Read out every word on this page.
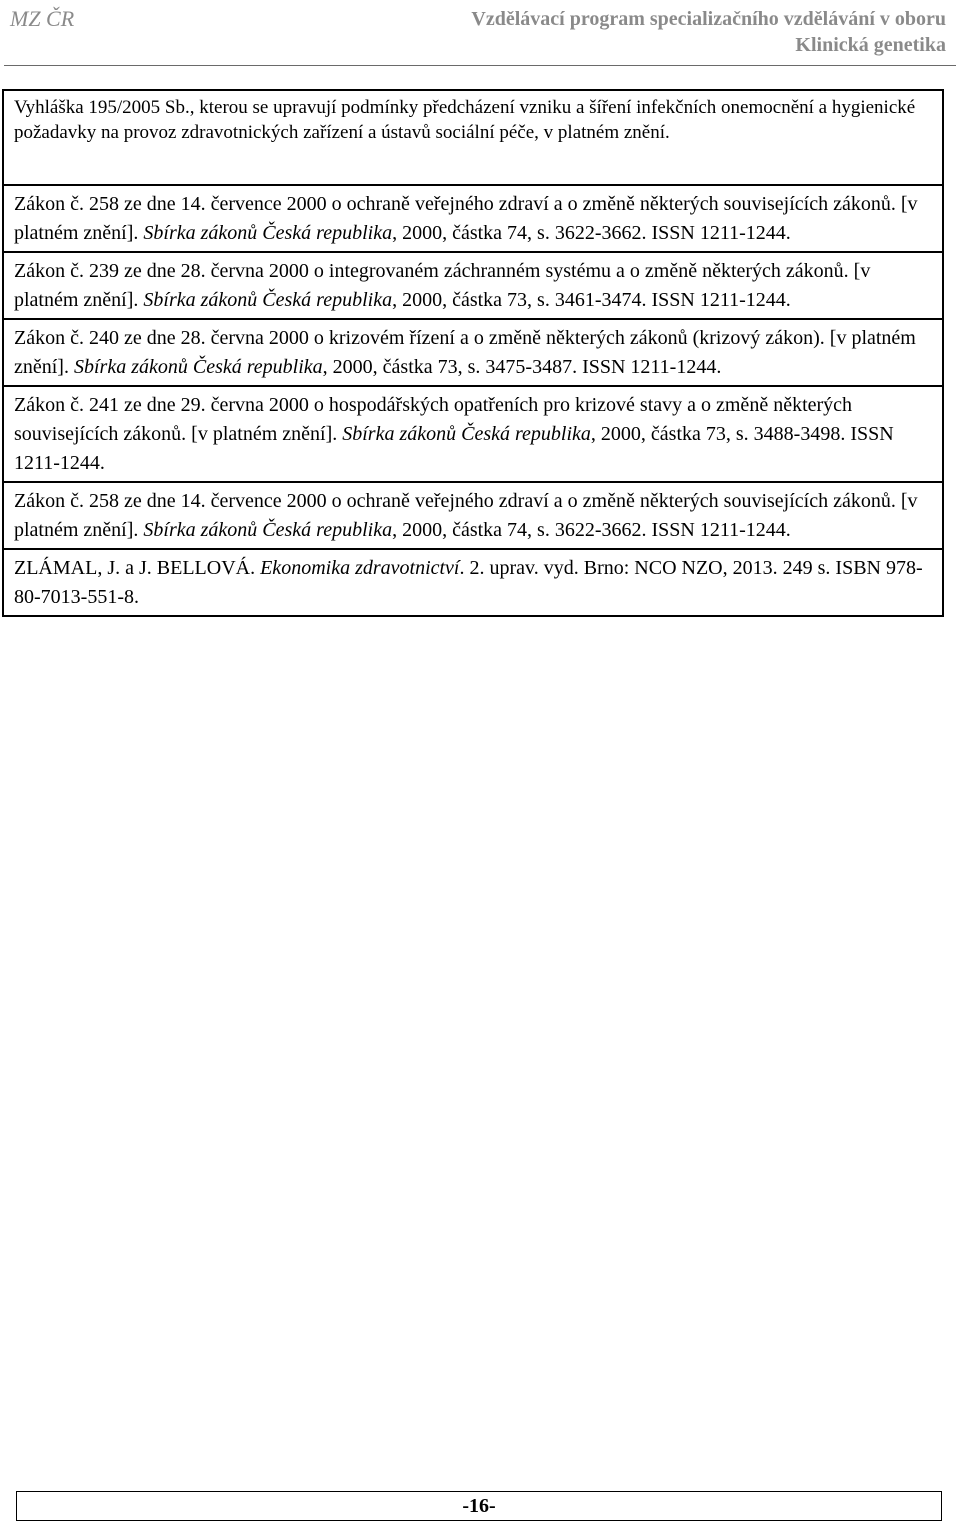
MZ ČR	Vzdělávací program specializačního vzdělávání v oboru
Klinická genetika
Vyhláška 195/2005 Sb., kterou se upravují podmínky předcházení vzniku a šíření infekčních onemocnění a hygienické požadavky na provoz zdravotnických zařízení a ústavů sociální péče, v platném znění.
Zákon č. 258 ze dne 14. července 2000 o ochraně veřejného zdraví a o změně některých souvisejících zákonů. [v platném znění]. Sbírka zákonů Česká republika, 2000, částka 74, s. 3622-3662. ISSN 1211-1244.
Zákon č. 239 ze dne 28. června 2000 o integrovaném záchranném systému a o změně některých zákonů. [v platném znění]. Sbírka zákonů Česká republika, 2000, částka 73, s. 3461-3474. ISSN 1211-1244.
Zákon č. 240 ze dne 28. června 2000 o krizovém řízení a o změně některých zákonů (krizový zákon). [v platném znění]. Sbírka zákonů Česká republika, 2000, částka 73, s. 3475-3487. ISSN 1211-1244.
Zákon č. 241 ze dne 29. června 2000 o hospodářských opatřeních pro krizové stavy a o změně některých souvisejících zákonů. [v platném znění]. Sbírka zákonů Česká republika, 2000, částka 73, s. 3488-3498. ISSN 1211-1244.
Zákon č. 258 ze dne 14. července 2000 o ochraně veřejného zdraví a o změně některých souvisejících zákonů. [v platném znění]. Sbírka zákonů Česká republika, 2000, částka 74, s. 3622-3662. ISSN 1211-1244.
ZLÁMAL, J. a J. BELLOVÁ. Ekonomika zdravotnictví. 2. uprav. vyd. Brno: NCO NZO, 2013. 249 s. ISBN 978-80-7013-551-8.
-16-
